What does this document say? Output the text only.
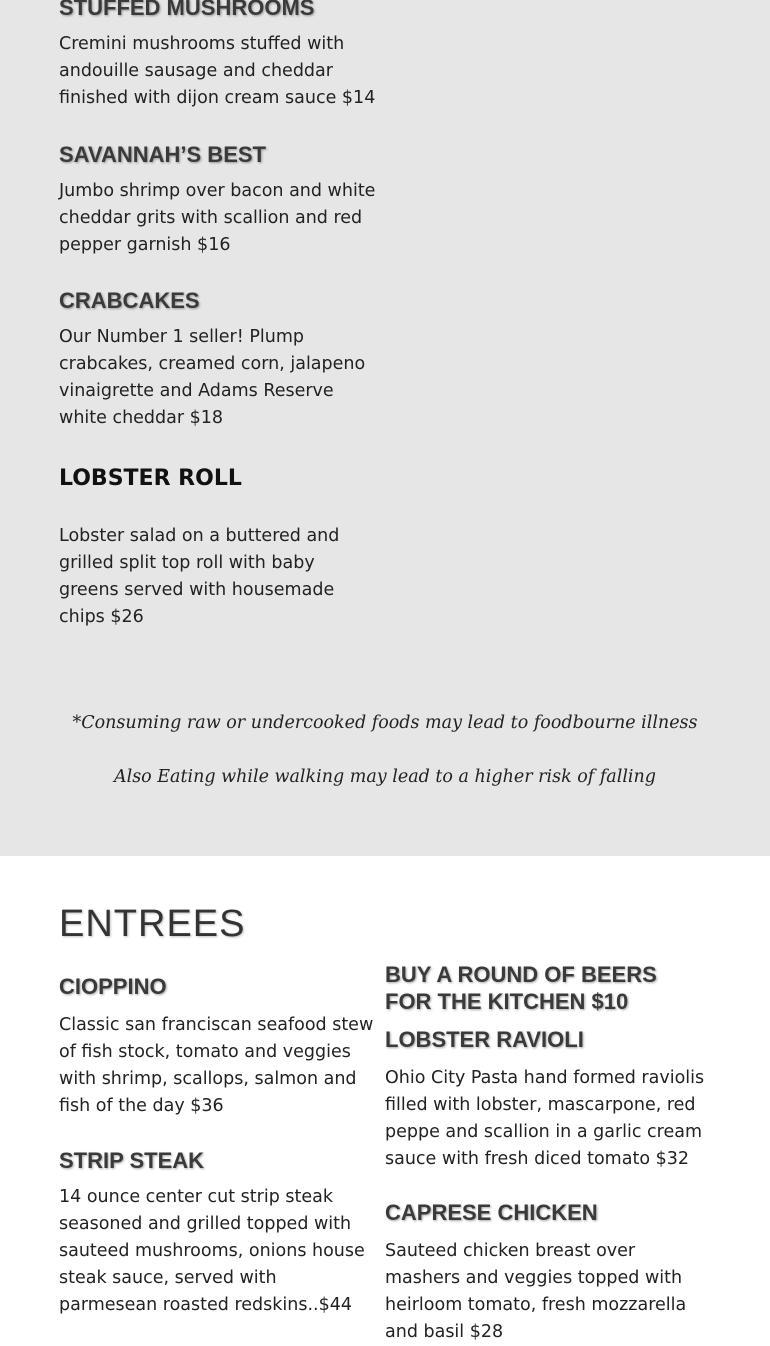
STUFFED MUSHROOMS

Cremini mushrooms stuffed with andouille sausage and cheddar finished with dijon cream sauce $14

SAVANNAH’S BEST

Jumbo shrimp over bacon and white cheddar grits with scallion and red pepper garnish $16

CRABCAKES

Our Number 1 seller! Plump crabcakes, creamed corn, jalapeno vinaigrette and Adams Reserve white cheddar $18

LOBSTER ROLL

Lobster salad on a buttered and grilled split top roll with baby greens served with housemade chips $26

*Consuming raw or undercooked foods may lead to foodbourne illness
Also Eating while walking may lead to a higher risk of falling
ENTREES
CIOPPINO

Classic san franciscan seafood stew of fish stock, tomato and veggies with shrimp, scallops, salmon and fish of the day $36

STRIP STEAK

14 ounce center cut strip steak seasoned and grilled topped with sauteed mushrooms, onions house steak sauce, served with parmesean roasted redskins..$44

BUY A ROUND OF BEERS FOR THE KITCHEN $10
LOBSTER RAVIOLI

Ohio City Pasta hand formed raviolis filled with lobster, mascarpone, red peppe and scallion in a garlic cream sauce with fresh diced tomato $32

CAPRESE CHICKEN

Sauteed chicken breast over mashers and veggies topped with heirloom tomato, fresh mozzarella and basil $28
